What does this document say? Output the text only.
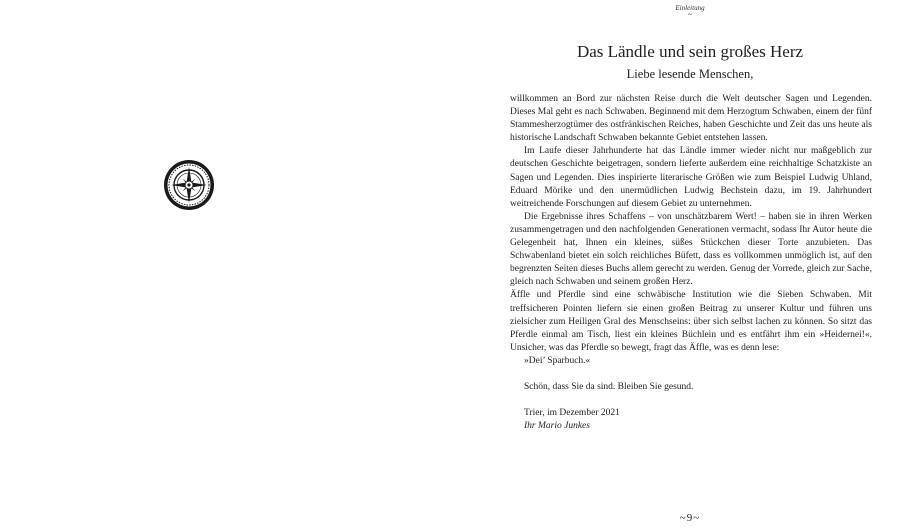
Einleitung
~
Das Ländle und sein großes Herz
Liebe lesende Menschen,

willkommen an Bord zur nächsten Reise durch die Welt deutscher Sagen und Legenden. Dieses Mal geht es nach Schwaben. Beginnend mit dem Herzogtum Schwaben, einem der fünf Stammesherzogtümer des ostfränkischen Reiches, haben Geschichte und Zeit das uns heute als historische Landschaft Schwaben bekannte Gebiet entstehen lassen.

Im Laufe dieser Jahrhunderte hat das Ländle immer wieder nicht nur maßgeblich zur deutschen Geschichte beigetragen, sondern lieferte außerdem eine reichhaltige Schatzkiste an Sagen und Legenden. Dies inspirierte literarische Größen wie zum Beispiel Ludwig Uhland, Eduard Mörike und den unermüdlichen Ludwig Bechstein dazu, im 19. Jahrhundert weitreichende Forschungen auf diesem Gebiet zu unternehmen.

Die Ergebnisse ihres Schaffens – von unschätzbarem Wert! – haben sie in ihren Werken zusammengetragen und den nachfolgenden Generationen vermacht, sodass Ihr Autor heute die Gelegenheit hat, Ihnen ein kleines, süßes Stückchen dieser Torte anzubieten. Das Schwabenland bietet ein solch reichliches Büfett, dass es vollkommen unmöglich ist, auf den begrenzten Seiten dieses Buchs allem gerecht zu werden. Genug der Vorrede, gleich zur Sache, gleich nach Schwaben und seinem großen Herz.

Äffle und Pferdle sind eine schwäbische Institution wie die Sieben Schwaben. Mit treffsicheren Pointen liefern sie einen großen Beitrag zu unserer Kultur und führen uns zielsicher zum Heiligen Gral des Menschseins: über sich selbst lachen zu können. So sitzt das Pferdle einmal am Tisch, liest ein kleines Büchlein und es entfährt ihm ein »Heidernei!«. Unsicher, was das Pferdle so bewegt, fragt das Äffle, was es denn lese:

»Dei’ Sparbuch.«

Schön, dass Sie da sind. Bleiben Sie gesund.

Trier, im Dezember 2021

Ihr Mario Junkes

~9~
